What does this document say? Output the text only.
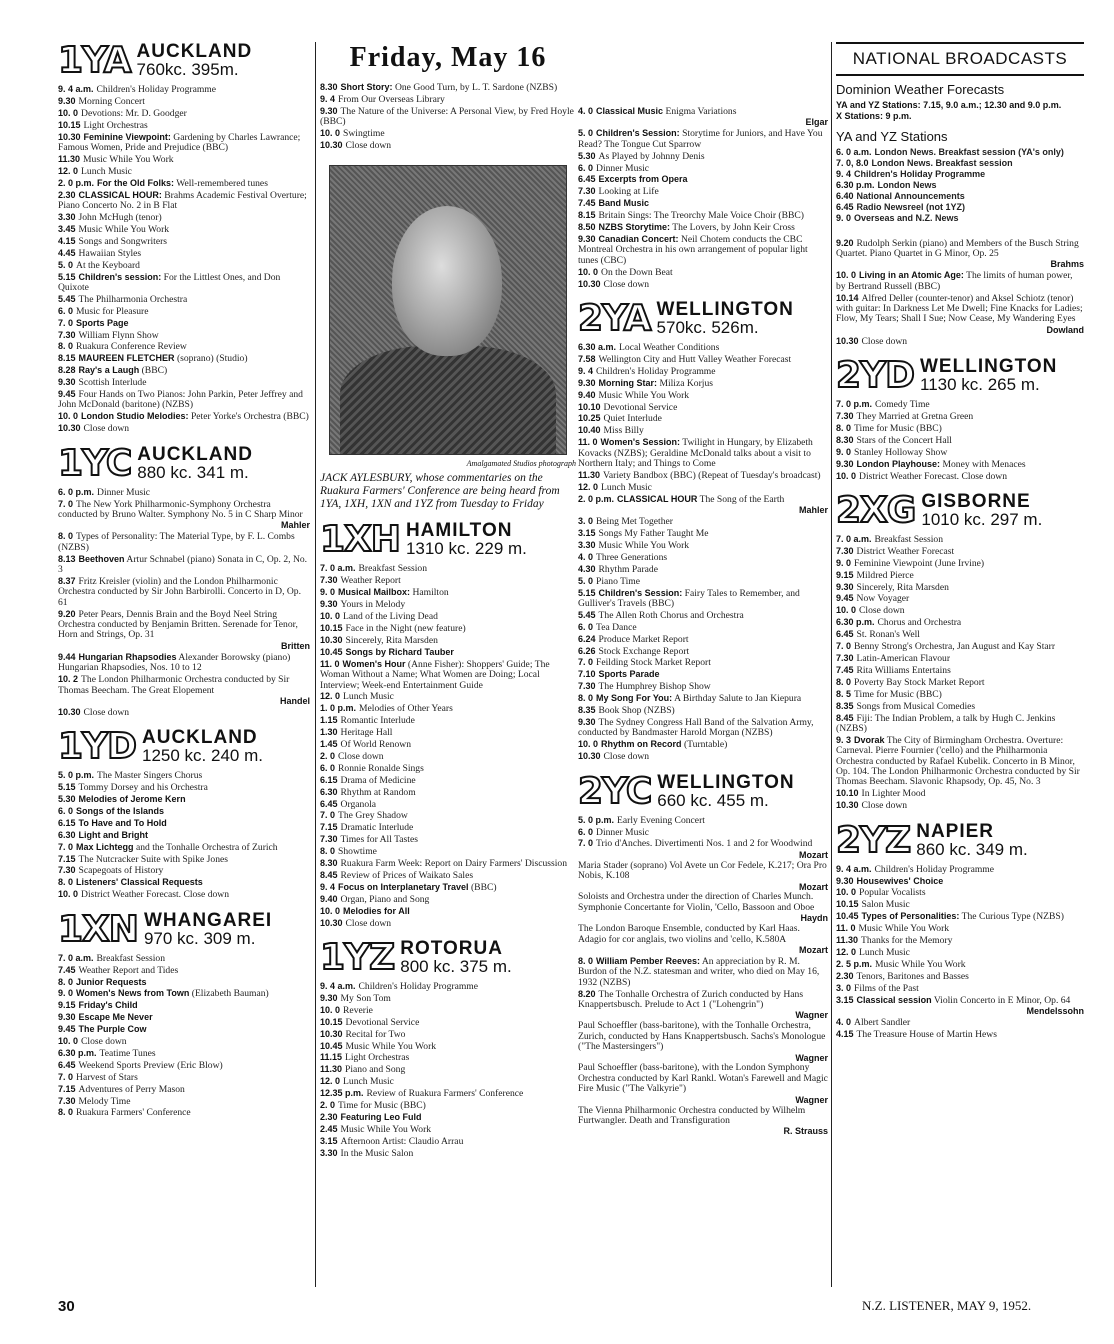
1YA AUCKLAND
760kc. 395m.
9. 4 a.m. Children's Holiday Programme
9.30 Morning Concert
10. 0 Devotions: Mr. D. Goodger
10.15 Light Orchestras
10.30 Feminine Viewpoint: Gardening by Charles Lawrance; Famous Women, Pride and Prejudice (BBC)
11.30 Music While You Work
12. 0 Lunch Music
2. 0 p.m. For the Old Folks: Well-remembered tunes
2.30 CLASSICAL HOUR: Brahms Academic Festival Overture; Piano Concerto No. 2 in B Flat
3.30 John McHugh (tenor)
3.45 Music While You Work
4.15 Songs and Songwriters
4.45 Hawaiian Styles
5. 0 At the Keyboard
5.15 Children's session: For the Littlest Ones, and Don Quixote
5.45 The Philharmonia Orchestra
6. 0 Music for Pleasure
7. 0 Sports Page
7.30 William Flynn Show
8. 0 Ruakura Conference Review
8.15 MAUREEN FLETCHER (soprano) (Studio)
8.28 Ray's a Laugh (BBC)
9.30 Scottish Interlude
9.45 Four Hands on Two Pianos: John Parkin, Peter Jeffrey and John McDonald (baritone) (NZBS)
10. 0 London Studio Melodies: Peter Yorke's Orchestra (BBC)
10.30 Close down
1YC AUCKLAND
880 kc. 341 m.
6. 0 p.m. Dinner Music
7. 0 The New York Philharmonic-Symphony Orchestra conducted by Bruno Walter. Symphony No. 5 in C Sharp Minor
Mahler
8. 0 Types of Personality: The Material Type, by F. L. Combs (NZBS)
8.13 Beethoven Artur Schnabel (piano) Sonata in C, Op. 2, No. 3
8.37 Fritz Kreisler (violin) and the London Philharmonic Orchestra conducted by Sir John Barbirolli. Concerto in D, Op. 61
9.20 Peter Pears, Dennis Brain and the Boyd Neel String Orchestra conducted by Benjamin Britten. Serenade for Tenor, Horn and Strings, Op. 31
Britten
9.44 Hungarian Rhapsodies Alexander Borowsky (piano) Hungarian Rhapsodies, Nos. 10 to 12
10. 2 The London Philharmonic Orchestra conducted by Sir Thomas Beecham. The Great Elopement
Handel
10.30 Close down
1YD AUCKLAND
1250 kc. 240 m.
5. 0 p.m. The Master Singers Chorus
5.15 Tommy Dorsey and his Orchestra
5.30 Melodies of Jerome Kern
6. 0 Songs of the Islands
6.15 To Have and To Hold
6.30 Light and Bright
7. 0 Max Lichtegg and the Tonhalle Orchestra of Zurich
7.15 The Nutcracker Suite with Spike Jones
7.30 Scapegoats of History
8. 0 Listeners' Classical Requests
10. 0 District Weather Forecast. Close down
1XN WHANGAREI
970 kc. 309 m.
7. 0 a.m. Breakfast Session
7.45 Weather Report and Tides
8. 0 Junior Requests
9. 0 Women's News from Town (Elizabeth Bauman)
9.15 Friday's Child
9.30 Escape Me Never
9.45 The Purple Cow
10. 0 Close down
6.30 p.m. Teatime Tunes
6.45 Weekend Sports Preview (Eric Blow)
7. 0 Harvest of Stars
7.15 Adventures of Perry Mason
7.30 Melody Time
8. 0 Ruakura Farmers' Conference
Friday, May 16
8.30 Short Story: One Good Turn, by L. T. Sardone (NZBS)
9. 4 From Our Overseas Library
9.30 The Nature of the Universe: A Personal View, by Fred Hoyle (BBC)
10. 0 Swingtime
10.30 Close down
Amalgamated Studios photograph
JACK AYLESBURY, whose commentaries on the Ruakura Farmers' Conference are being heard from 1YA, 1XH, 1XN and 1YZ from Tuesday to Friday
1XH HAMILTON
1310 kc. 229 m.
7. 0 a.m. Breakfast Session
7.30 Weather Report
9. 0 Musical Mailbox: Hamilton
9.30 Yours in Melody
10. 0 Land of the Living Dead
10.15 Face in the Night (new feature)
10.30 Sincerely, Rita Marsden
10.45 Songs by Richard Tauber
11. 0 Women's Hour (Anne Fisher): Shoppers' Guide; The Woman Without a Name; What Women are Doing; Local Interview; Week-end Entertainment Guide
12. 0 Lunch Music
1. 0 p.m. Melodies of Other Years
1.15 Romantic Interlude
1.30 Heritage Hall
1.45 Of World Renown
2. 0 Close down
6. 0 Ronnie Ronalde Sings
6.15 Drama of Medicine
6.30 Rhythm at Random
6.45 Organola
7. 0 The Grey Shadow
7.15 Dramatic Interlude
7.30 Times for All Tastes
8. 0 Showtime
8.30 Ruakura Farm Week: Report on Dairy Farmers' Discussion
8.45 Review of Prices of Waikato Sales
9. 4 Focus on Interplanetary Travel (BBC)
9.40 Organ, Piano and Song
10. 0 Melodies for All
10.30 Close down
1YZ ROTORUA
800 kc. 375 m.
9. 4 a.m. Children's Holiday Programme
9.30 My Son Tom
10. 0 Reverie
10.15 Devotional Service
10.30 Recital for Two
10.45 Music While You Work
11.15 Light Orchestras
11.30 Piano and Song
12. 0 Lunch Music
12.35 p.m. Review of Ruakura Farmers' Conference
2. 0 Time for Music (BBC)
2.30 Featuring Leo Fuld
2.45 Music While You Work
3.15 Afternoon Artist: Claudio Arrau
3.30 In the Music Salon
4. 0 Classical Music Enigma Variations
Elgar
5. 0 Children's Session: Storytime for Juniors, and Have You Read? The Tongue Cut Sparrow
5.30 As Played by Johnny Denis
6. 0 Dinner Music
6.45 Excerpts from Opera
7.30 Looking at Life
7.45 Band Music
8.15 Britain Sings: The Treorchy Male Voice Choir (BBC)
8.50 NZBS Storytime: The Lovers, by John Keir Cross
9.30 Canadian Concert: Neil Chotem conducts the CBC Montreal Orchestra in his own arrangement of popular light tunes (CBC)
10. 0 On the Down Beat
10.30 Close down
2YA WELLINGTON
570kc. 526m.
6.30 a.m. Local Weather Conditions
7.58 Wellington City and Hutt Valley Weather Forecast
9. 4 Children's Holiday Programme
9.30 Morning Star: Miliza Korjus
9.40 Music While You Work
10.10 Devotional Service
10.25 Quiet Interlude
10.40 Miss Billy
11. 0 Women's Session: Twilight in Hungary, by Elizabeth Kovacks (NZBS); Geraldine McDonald talks about a visit to Northern Italy; and Things to Come
11.30 Variety Bandbox (BBC) (Repeat of Tuesday's broadcast)
12. 0 Lunch Music
2. 0 p.m. CLASSICAL HOUR The Song of the Earth
Mahler
3. 0 Being Met Together
3.15 Songs My Father Taught Me
3.30 Music While You Work
4. 0 Three Generations
4.30 Rhythm Parade
5. 0 Piano Time
5.15 Children's Session: Fairy Tales to Remember, and Gulliver's Travels (BBC)
5.45 The Allen Roth Chorus and Orchestra
6. 0 Tea Dance
6.24 Produce Market Report
6.26 Stock Exchange Report
7. 0 Feilding Stock Market Report
7.10 Sports Parade
7.30 The Humphrey Bishop Show
8. 0 My Song For You: A Birthday Salute to Jan Kiepura
8.35 Book Shop (NZBS)
9.30 The Sydney Congress Hall Band of the Salvation Army, conducted by Bandmaster Harold Morgan (NZBS)
10. 0 Rhythm on Record (Turntable)
10.30 Close down
2YC WELLINGTON
660 kc. 455 m.
5. 0 p.m. Early Evening Concert
6. 0 Dinner Music
7. 0 Trio d'Anches. Divertimenti Nos. 1 and 2 for Woodwind
Mozart
Maria Stader (soprano) Vol Avete un Cor Fedele, K.217; Ora Pro Nobis, K.108
Mozart
Soloists and Orchestra under the direction of Charles Munch. Symphonie Concertante for Violin, 'Cello, Bassoon and Oboe
Haydn
The London Baroque Ensemble, conducted by Karl Haas. Adagio for cor anglais, two violins and 'cello, K.580A
Mozart
8. 0 William Pember Reeves: An appreciation by R. M. Burdon of the N.Z. statesman and writer, who died on May 16, 1932 (NZBS)
8.20 The Tonhalle Orchestra of Zurich conducted by Hans Knappertsbusch. Prelude to Act 1 ("Lohengrin")
Wagner
Paul Schoeffler (bass-baritone), with the Tonhalle Orchestra, Zurich, conducted by Hans Knappertsbusch. Sachs's Monologue ("The Mastersingers")
Wagner
Paul Schoeffler (bass-baritone), with the London Symphony Orchestra conducted by Karl Rankl. Wotan's Farewell and Magic Fire Music ("The Valkyrie")
Wagner
The Vienna Philharmonic Orchestra conducted by Wilhelm Furtwangler. Death and Transfiguration
R. Strauss
NATIONAL BROADCASTS
Dominion Weather Forecasts
YA and YZ Stations: 7.15, 9.0 a.m.; 12.30 and 9.0 p.m.
X Stations: 9 p.m.
YA and YZ Stations
6. 0 a.m. London News. Breakfast session (YA's only)
7. 0, 8.0 London News. Breakfast session
9. 4 Children's Holiday Programme
6.30 p.m. London News
6.40 National Announcements
6.45 Radio Newsreel (not 1YZ)
9. 0 Overseas and N.Z. News
9.20 Rudolph Serkin (piano) and Members of the Busch String Quartet. Piano Quartet in G Minor, Op. 25
Brahms
10. 0 Living in an Atomic Age: The limits of human power, by Bertrand Russell (BBC)
10.14 Alfred Deller (counter-tenor) and Aksel Schiotz (tenor) with guitar: In Darkness Let Me Dwell; Fine Knacks for Ladies; Flow, My Tears; Shall I Sue; Now Cease, My Wandering Eyes
Dowland
10.30 Close down
2YD WELLINGTON
1130 kc. 265 m.
7. 0 p.m. Comedy Time
7.30 They Married at Gretna Green
8. 0 Time for Music (BBC)
8.30 Stars of the Concert Hall
9. 0 Stanley Holloway Show
9.30 London Playhouse: Money with Menaces
10. 0 District Weather Forecast. Close down
2XG GISBORNE
1010 kc. 297 m.
7. 0 a.m. Breakfast Session
7.30 District Weather Forecast
9. 0 Feminine Viewpoint (June Irvine)
9.15 Mildred Pierce
9.30 Sincerely, Rita Marsden
9.45 Now Voyager
10. 0 Close down
6.30 p.m. Chorus and Orchestra
6.45 St. Ronan's Well
7. 0 Benny Strong's Orchestra, Jan August and Kay Starr
7.30 Latin-American Flavour
7.45 Rita Williams Entertains
8. 0 Poverty Bay Stock Market Report
8. 5 Time for Music (BBC)
8.35 Songs from Musical Comedies
8.45 Fiji: The Indian Problem, a talk by Hugh C. Jenkins (NZBS)
9. 3 Dvorak The City of Birmingham Orchestra. Overture: Carneval. Pierre Fournier ('cello) and the Philharmonia Orchestra conducted by Rafael Kubelik. Concerto in B Minor, Op. 104. The London Philharmonic Orchestra conducted by Sir Thomas Beecham. Slavonic Rhapsody, Op. 45, No. 3
10.10 In Lighter Mood
10.30 Close down
2YZ NAPIER
860 kc. 349 m.
9. 4 a.m. Children's Holiday Programme
9.30 Housewives' Choice
10. 0 Popular Vocalists
10.15 Salon Music
10.45 Types of Personalities: The Curious Type (NZBS)
11. 0 Music While You Work
11.30 Thanks for the Memory
12. 0 Lunch Music
2. 5 p.m. Music While You Work
2.30 Tenors, Baritones and Basses
3. 0 Films of the Past
3.15 Classical session Violin Concerto in E Minor, Op. 64
Mendelssohn
4. 0 Albert Sandler
4.15 The Treasure House of Martin Hews
30	N.Z. LISTENER, MAY 9, 1952.
